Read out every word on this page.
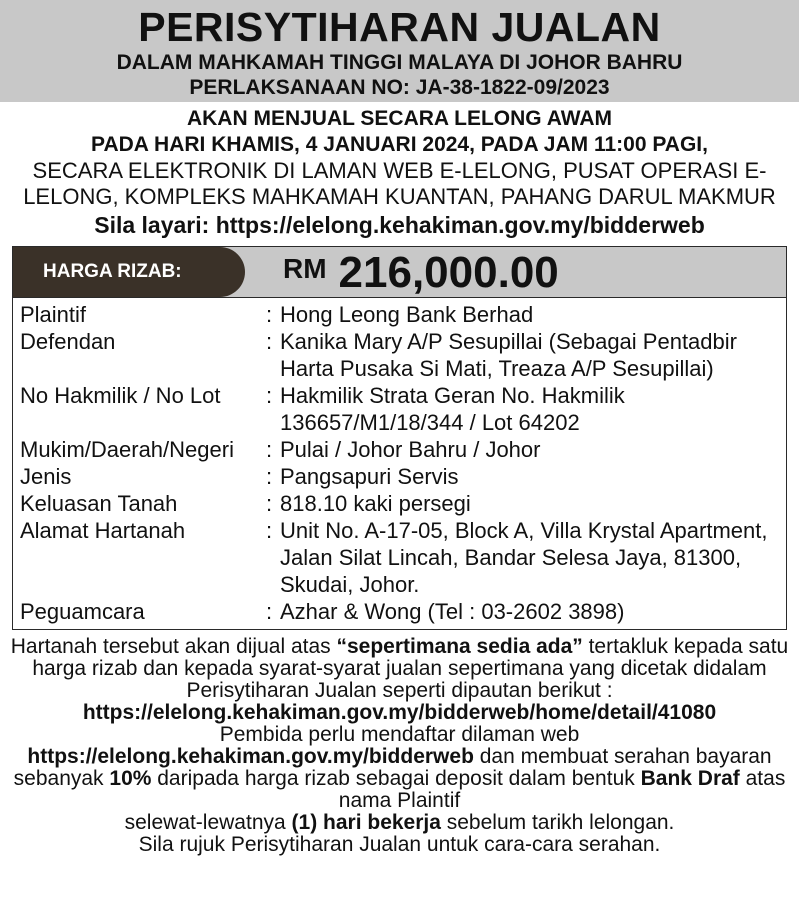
PERISYTIHARAN JUALAN
DALAM MAHKAMAH TINGGI MALAYA DI JOHOR BAHRU
PERLAKSANAAN NO: JA-38-1822-09/2023
AKAN MENJUAL SECARA LELONG AWAM
PADA HARI KHAMIS, 4 JANUARI 2024, PADA JAM 11:00 PAGI,
SECARA ELEKTRONIK DI LAMAN WEB E-LELONG, PUSAT OPERASI E-LELONG, KOMPLEKS MAHKAMAH KUANTAN, PAHANG DARUL MAKMUR
Sila layari: https://elelong.kehakiman.gov.my/bidderweb
HARGA RIZAB:	RM 216,000.00
Plaintif	: Hong Leong Bank Berhad
Defendan	: Kanika Mary A/P Sesupillai (Sebagai Pentadbir Harta Pusaka Si Mati, Treaza A/P Sesupillai)
No Hakmilik / No Lot	: Hakmilik Strata Geran No. Hakmilik 136657/M1/18/344 / Lot 64202
Mukim/Daerah/Negeri	: Pulai / Johor Bahru / Johor
Jenis	: Pangsapuri Servis
Keluasan Tanah	: 818.10 kaki persegi
Alamat Hartanah	: Unit No. A-17-05, Block A, Villa Krystal Apartment, Jalan Silat Lincah, Bandar Selesa Jaya, 81300, Skudai, Johor.
Peguamcara	: Azhar & Wong (Tel : 03-2602 3898)
Hartanah tersebut akan dijual atas “sepertimana sedia ada” tertakluk kepada satu harga rizab dan kepada syarat-syarat jualan sepertimana yang dicetak didalam Perisytiharan Jualan seperti dipautan berikut :
https://elelong.kehakiman.gov.my/bidderweb/home/detail/41080
Pembida perlu mendaftar dilaman web
https://elelong.kehakiman.gov.my/bidderweb dan membuat serahan bayaran sebanyak 10% daripada harga rizab sebagai deposit dalam bentuk Bank Draf atas nama Plaintif
selewat-lewatnya (1) hari bekerja sebelum tarikh lelongan.
Sila rujuk Perisytiharan Jualan untuk cara-cara serahan.
